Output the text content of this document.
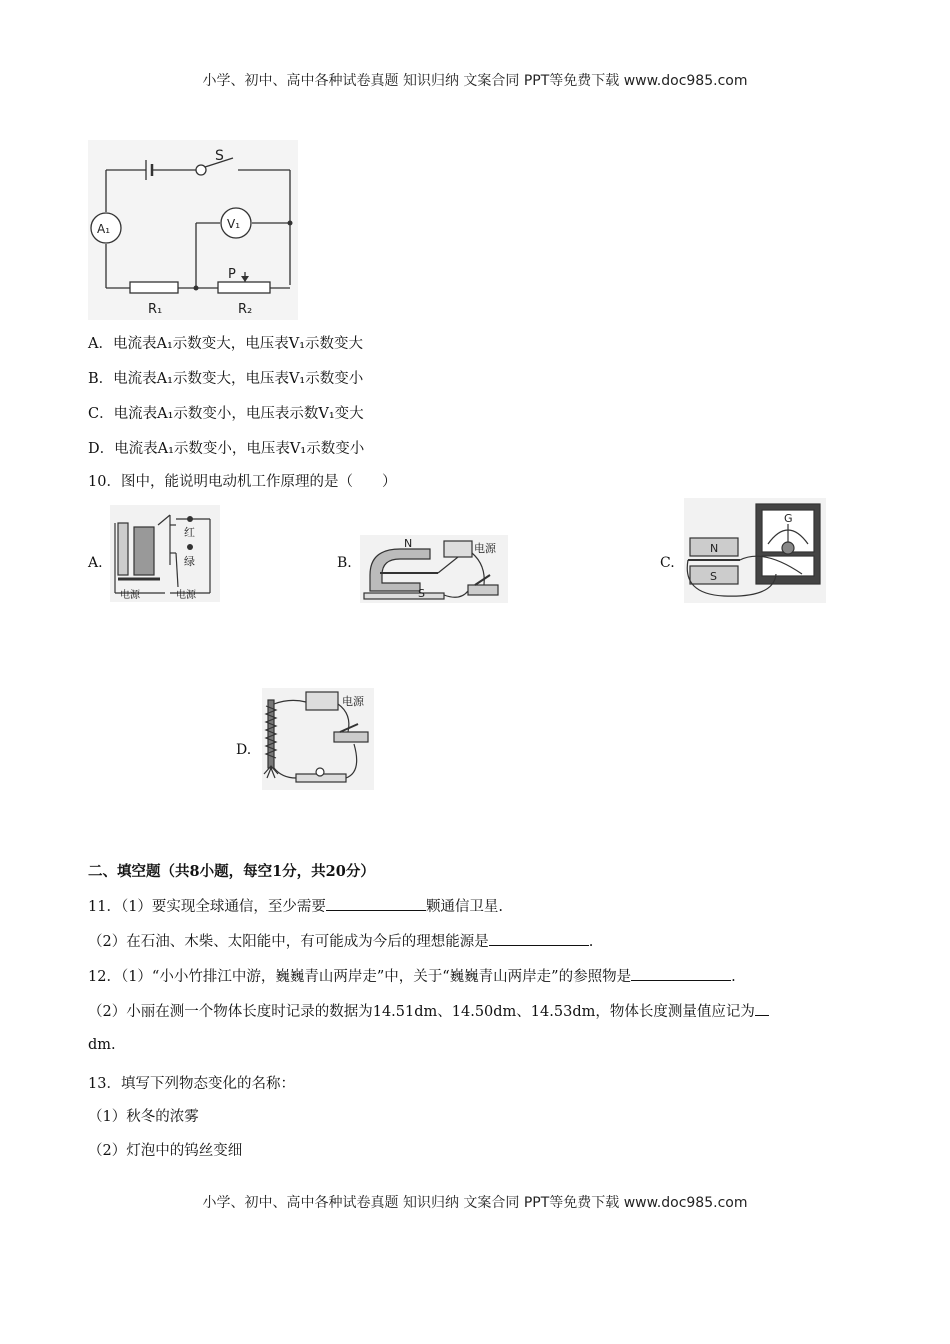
小学、初中、高中各种试卷真题 知识归纳 文案合同 PPT等免费下载 www.doc985.com
S
A₁	V₁
P
R₁	R₂
A．电流表A₁示数变大，电压表V₁示数变大
B．电流表A₁示数变大，电压表V₁示数变小
C．电流表A₁示数变小，电压表示数V₁变大
D．电流表A₁示数变小，电压表V₁示数变小
10．图中，能说明电动机工作原理的是（　　）
A.
红
绿
电源	电源
B.
N
S
电源
C.
G
N
S
D.
电源
二、填空题（共8小题，每空1分，共20分）
11．（1）要实现全球通信，至少需要	颗通信卫星.
（2）在石油、木柴、太阳能中，有可能成为今后的理想能源是	.
12．（1）“小小竹排江中游，巍巍青山两岸走”中，关于“巍巍青山两岸走”的参照物是	.
（2）小丽在测一个物体长度时记录的数据为14.51dm、14.50dm、14.53dm，物体长度测量值应记为
dm.
13．填写下列物态变化的名称：
（1）秋冬的浓雾
（2）灯泡中的钨丝变细
小学、初中、高中各种试卷真题 知识归纳 文案合同 PPT等免费下载 www.doc985.com
